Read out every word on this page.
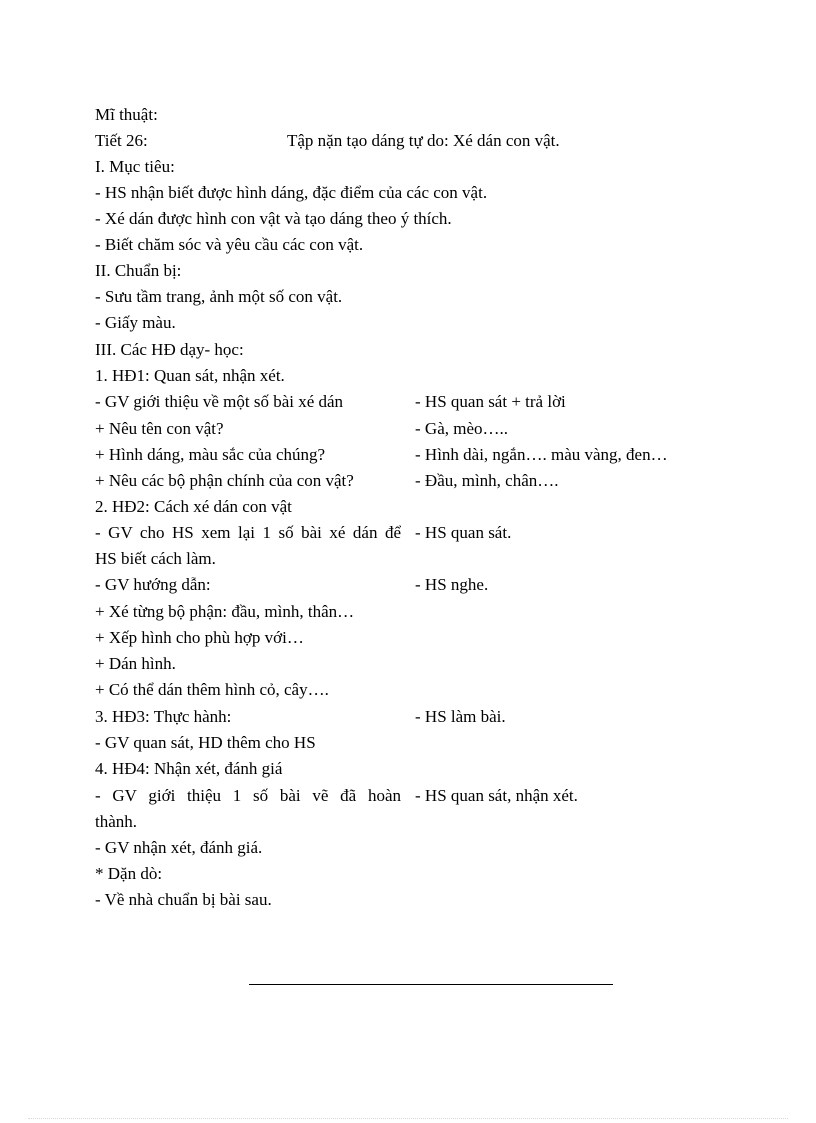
Mĩ thuật:
Tiết 26:	Tập nặn tạo dáng tự do: Xé dán con vật.
I. Mục tiêu:
- HS nhận biết được hình dáng, đặc điểm của các con vật.
- Xé dán được hình con vật và tạo dáng theo ý thích.
- Biết chăm sóc và yêu cầu các con vật.
II. Chuẩn bị:
- Sưu tầm trang, ảnh một số con vật.
- Giấy màu.
III. Các HĐ dạy- học:
1. HĐ1: Quan sát, nhận xét.
- GV giới thiệu về một số bài xé dán	- HS quan sát + trả lời
+ Nêu tên con vật?	- Gà, mèo…..
+ Hình dáng, màu sắc của chúng?	- Hình dài, ngắn…. màu vàng, đen…
+ Nêu các bộ phận chính của con vật?	- Đầu, mình, chân….
2. HĐ2: Cách xé dán con vật
- GV cho HS xem lại 1 số bài xé dán để - HS quan sát.
HS biết cách làm.
- GV hướng dẫn:	- HS nghe.
+ Xé từng bộ phận: đầu, mình, thân…
+ Xếp hình cho phù hợp với…
+ Dán hình.
+ Có thể dán thêm hình cỏ, cây….
3. HĐ3: Thực hành:	- HS làm bài.
- GV quan sát, HD thêm cho HS
4. HĐ4: Nhận xét, đánh giá
- GV giới thiệu 1 số bài vẽ đã hoàn - HS quan sát, nhận xét.
thành.
- GV nhận xét, đánh giá.
* Dặn dò:
- Về nhà chuẩn bị bài sau.
